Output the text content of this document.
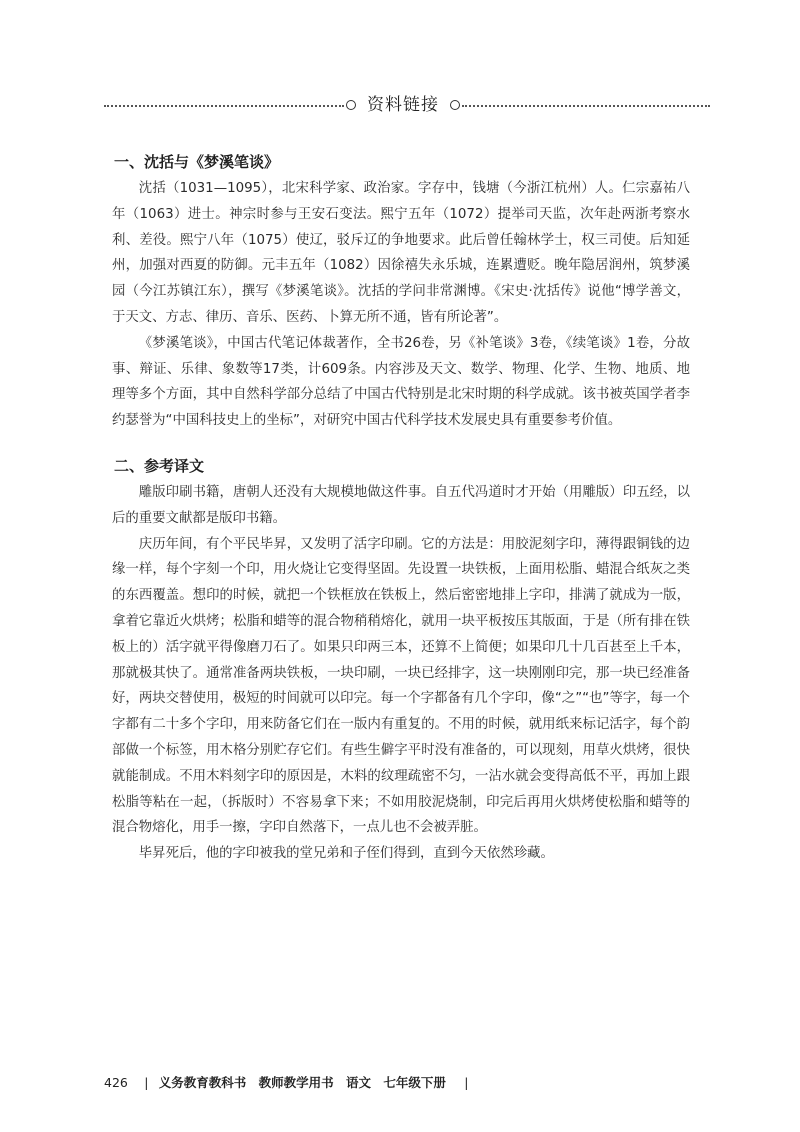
资料链接
一、沈括与《梦溪笔谈》

沈括（1031—1095），北宋科学家、政治家。字存中，钱塘（今浙江杭州）人。仁宗嘉祐八年（1063）进士。神宗时参与王安石变法。熙宁五年（1072）提举司天监，次年赴两浙考察水利、差役。熙宁八年（1075）使辽，驳斥辽的争地要求。此后曾任翰林学士，权三司使。后知延州，加强对西夏的防御。元丰五年（1082）因徐禧失永乐城，连累遭贬。晚年隐居润州，筑梦溪园（今江苏镇江东），撰写《梦溪笔谈》。沈括的学问非常渊博。《宋史·沈括传》说他“博学善文，于天文、方志、律历、音乐、医药、卜算无所不通，皆有所论著”。

《梦溪笔谈》，中国古代笔记体裁著作，全书26卷，另《补笔谈》3卷，《续笔谈》1卷，分故事、辩证、乐律、象数等17类，计609条。内容涉及天文、数学、物理、化学、生物、地质、地理等多个方面，其中自然科学部分总结了中国古代特别是北宋时期的科学成就。该书被英国学者李约瑟誉为“中国科技史上的坐标”，对研究中国古代科学技术发展史具有重要参考价值。

二、参考译文

雕版印刷书籍，唐朝人还没有大规模地做这件事。自五代冯道时才开始（用雕版）印五经，以后的重要文献都是版印书籍。

庆历年间，有个平民毕昇，又发明了活字印刷。它的方法是：用胶泥刻字印，薄得跟铜钱的边缘一样，每个字刻一个印，用火烧让它变得坚固。先设置一块铁板，上面用松脂、蜡混合纸灰之类的东西覆盖。想印的时候，就把一个铁框放在铁板上，然后密密地排上字印，排满了就成为一版，拿着它靠近火烘烤；松脂和蜡等的混合物稍稍熔化，就用一块平板按压其版面，于是（所有排在铁板上的）活字就平得像磨刀石了。如果只印两三本，还算不上简便；如果印几十几百甚至上千本，那就极其快了。通常准备两块铁板，一块印刷，一块已经排字，这一块刚刚印完，那一块已经准备好，两块交替使用，极短的时间就可以印完。每一个字都备有几个字印，像“之”“也”等字，每一个字都有二十多个字印，用来防备它们在一版内有重复的。不用的时候，就用纸来标记活字，每个韵部做一个标签，用木格分别贮存它们。有些生僻字平时没有准备的，可以现刻，用草火烘烤，很快就能制成。不用木料刻字印的原因是，木料的纹理疏密不匀，一沾水就会变得高低不平，再加上跟松脂等粘在一起，（拆版时）不容易拿下来；不如用胶泥烧制，印完后再用火烘烤使松脂和蜡等的混合物熔化，用手一擦，字印自然落下，一点儿也不会被弄脏。

毕昇死后，他的字印被我的堂兄弟和子侄们得到，直到今天依然珍藏。

426 | 义务教育教科书 教师教学用书 语文 七年级下册 |
